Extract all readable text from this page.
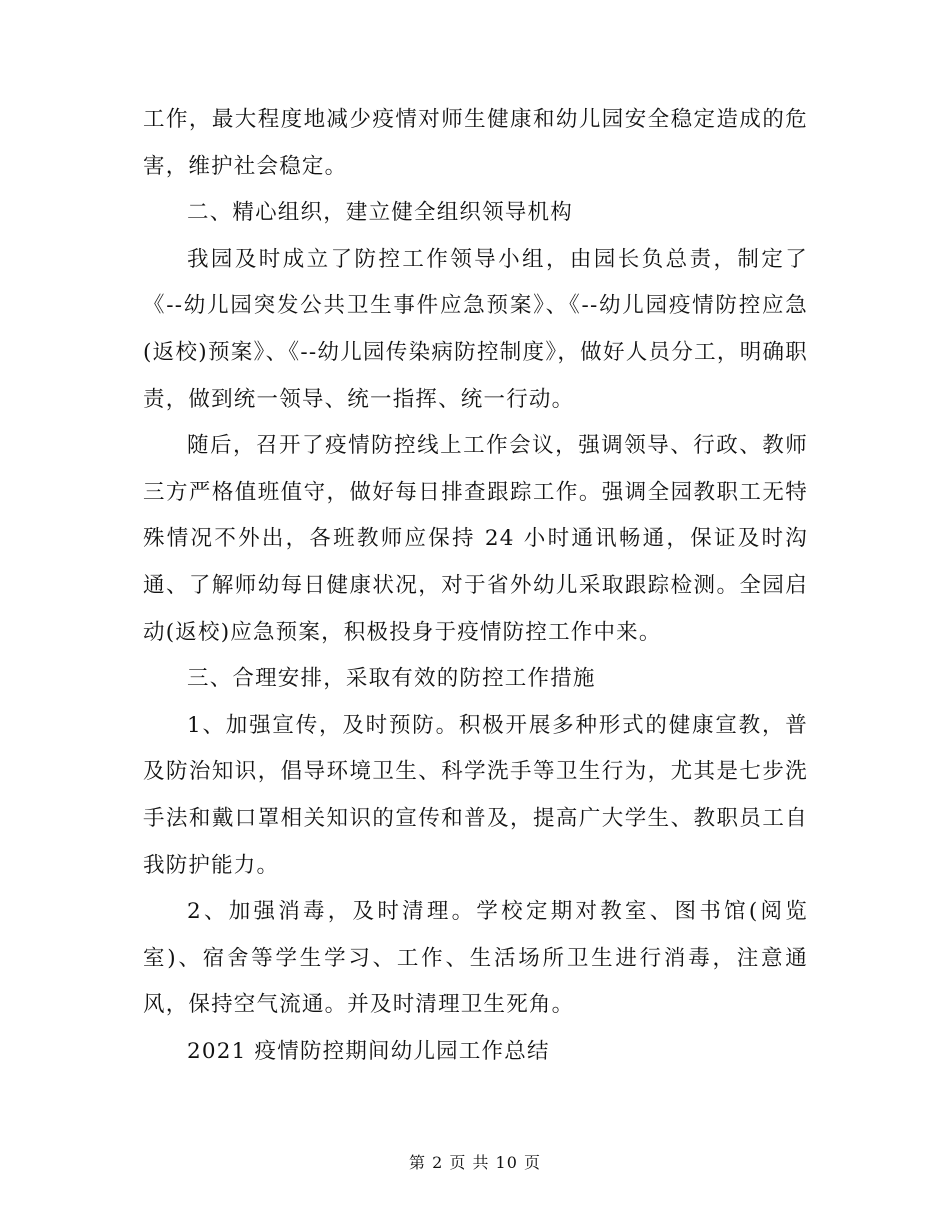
工作，最大程度地减少疫情对师生健康和幼儿园安全稳定造成的危害，维护社会稳定。

二、精心组织，建立健全组织领导机构

我园及时成立了防控工作领导小组，由园长负总责，制定了《--幼儿园突发公共卫生事件应急预案》、《--幼儿园疫情防控应急(返校)预案》、《--幼儿园传染病防控制度》，做好人员分工，明确职责，做到统一领导、统一指挥、统一行动。

随后，召开了疫情防控线上工作会议，强调领导、行政、教师三方严格值班值守，做好每日排查跟踪工作。强调全园教职工无特殊情况不外出，各班教师应保持 24 小时通讯畅通，保证及时沟通、了解师幼每日健康状况，对于省外幼儿采取跟踪检测。全园启动(返校)应急预案，积极投身于疫情防控工作中来。

三、合理安排，采取有效的防控工作措施

1、加强宣传，及时预防。积极开展多种形式的健康宣教，普及防治知识，倡导环境卫生、科学洗手等卫生行为，尤其是七步洗手法和戴口罩相关知识的宣传和普及，提高广大学生、教职员工自我防护能力。

2、加强消毒，及时清理。学校定期对教室、图书馆(阅览室)、宿舍等学生学习、工作、生活场所卫生进行消毒，注意通风，保持空气流通。并及时清理卫生死角。

2021 疫情防控期间幼儿园工作总结

第 2 页 共 10 页
